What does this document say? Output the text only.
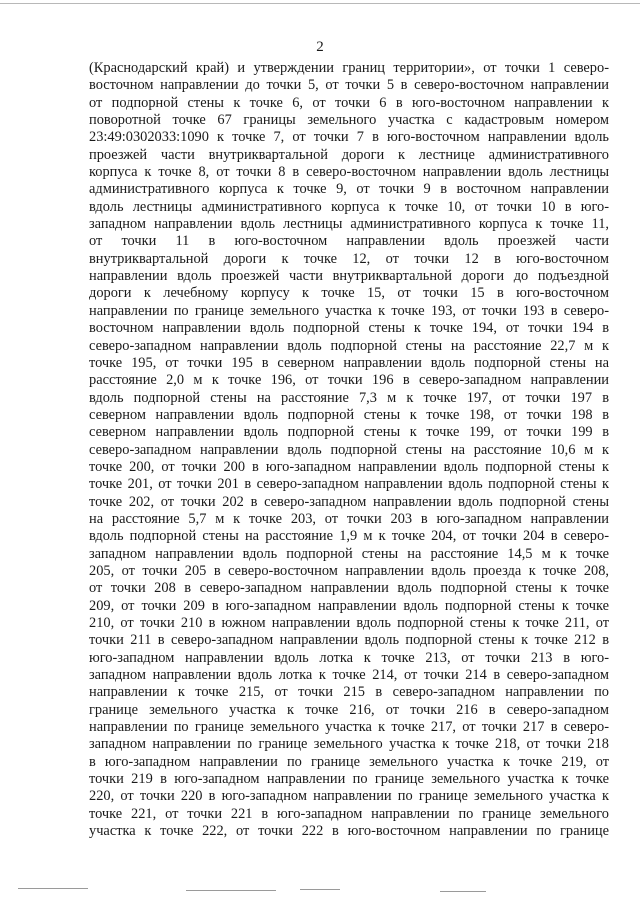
2
(Краснодарский край) и утверждении границ территории», от точки 1 северо-
восточном направлении до точки 5, от точки 5 в северо-восточном направлении
от подпорной стены к точке 6, от точки 6 в юго-восточном направлении к
поворотной точке 67 границы земельного участка с кадастровым номером
23:49:0302033:1090 к точке 7, от точки 7 в юго-восточном направлении вдоль
проезжей части внутриквартальной дороги к лестнице административного
корпуса к точке 8, от точки 8 в северо-восточном направлении вдоль лестницы
административного корпуса к точке 9, от точки 9 в восточном направлении
вдоль лестницы административного корпуса к точке 10, от точки 10 в юго-
западном направлении вдоль лестницы административного корпуса к точке 11,
от точки 11 в юго-восточном направлении вдоль проезжей части
внутриквартальной дороги к точке 12, от точки 12 в юго-восточном
направлении вдоль проезжей части внутриквартальной дороги до подъездной
дороги к лечебному корпусу к точке 15, от точки 15 в юго-восточном
направлении по границе земельного участка к точке 193, от точки 193 в северо-
восточном направлении вдоль подпорной стены к точке 194, от точки 194 в
северо-западном направлении вдоль подпорной стены на расстояние 22,7 м к
точке 195, от точки 195 в северном направлении вдоль подпорной стены на
расстояние 2,0 м к точке 196, от точки 196 в северо-западном направлении
вдоль подпорной стены на расстояние 7,3 м к точке 197, от точки 197 в
северном направлении вдоль подпорной стены к точке 198, от точки 198 в
северном направлении вдоль подпорной стены к точке 199, от точки 199 в
северо-западном направлении вдоль подпорной стены на расстояние 10,6 м к
точке 200, от точки 200 в юго-западном направлении вдоль подпорной стены к
точке 201, от точки 201 в северо-западном направлении вдоль подпорной стены к
точке 202, от точки 202 в северо-западном направлении вдоль подпорной стены
на расстояние 5,7 м к точке 203, от точки 203 в юго-западном направлении
вдоль подпорной стены на расстояние 1,9 м к точке 204, от точки 204 в северо-
западном направлении вдоль подпорной стены на расстояние 14,5 м к точке
205, от точки 205 в северо-восточном направлении вдоль проезда к точке 208,
от точки 208 в северо-западном направлении вдоль подпорной стены к точке
209, от точки 209 в юго-западном направлении вдоль подпорной стены к точке
210, от точки 210 в южном направлении вдоль подпорной стены к точке 211, от
точки 211 в северо-западном направлении вдоль подпорной стены к точке 212 в
юго-западном направлении вдоль лотка к точке 213, от точки 213 в юго-
западном направлении вдоль лотка к точке 214, от точки 214 в северо-западном
направлении к точке 215, от точки 215 в северо-западном направлении по
границе земельного участка к точке 216, от точки 216 в северо-западном
направлении по границе земельного участка к точке 217, от точки 217 в северо-
западном направлении по границе земельного участка к точке 218, от точки 218
в юго-западном направлении по границе земельного участка к точке 219, от
точки 219 в юго-западном направлении по границе земельного участка к точке
220, от точки 220 в юго-западном направлении по границе земельного участка к
точке 221, от точки 221 в юго-западном направлении по границе земельного
участка к точке 222, от точки 222 в юго-восточном направлении по границе
